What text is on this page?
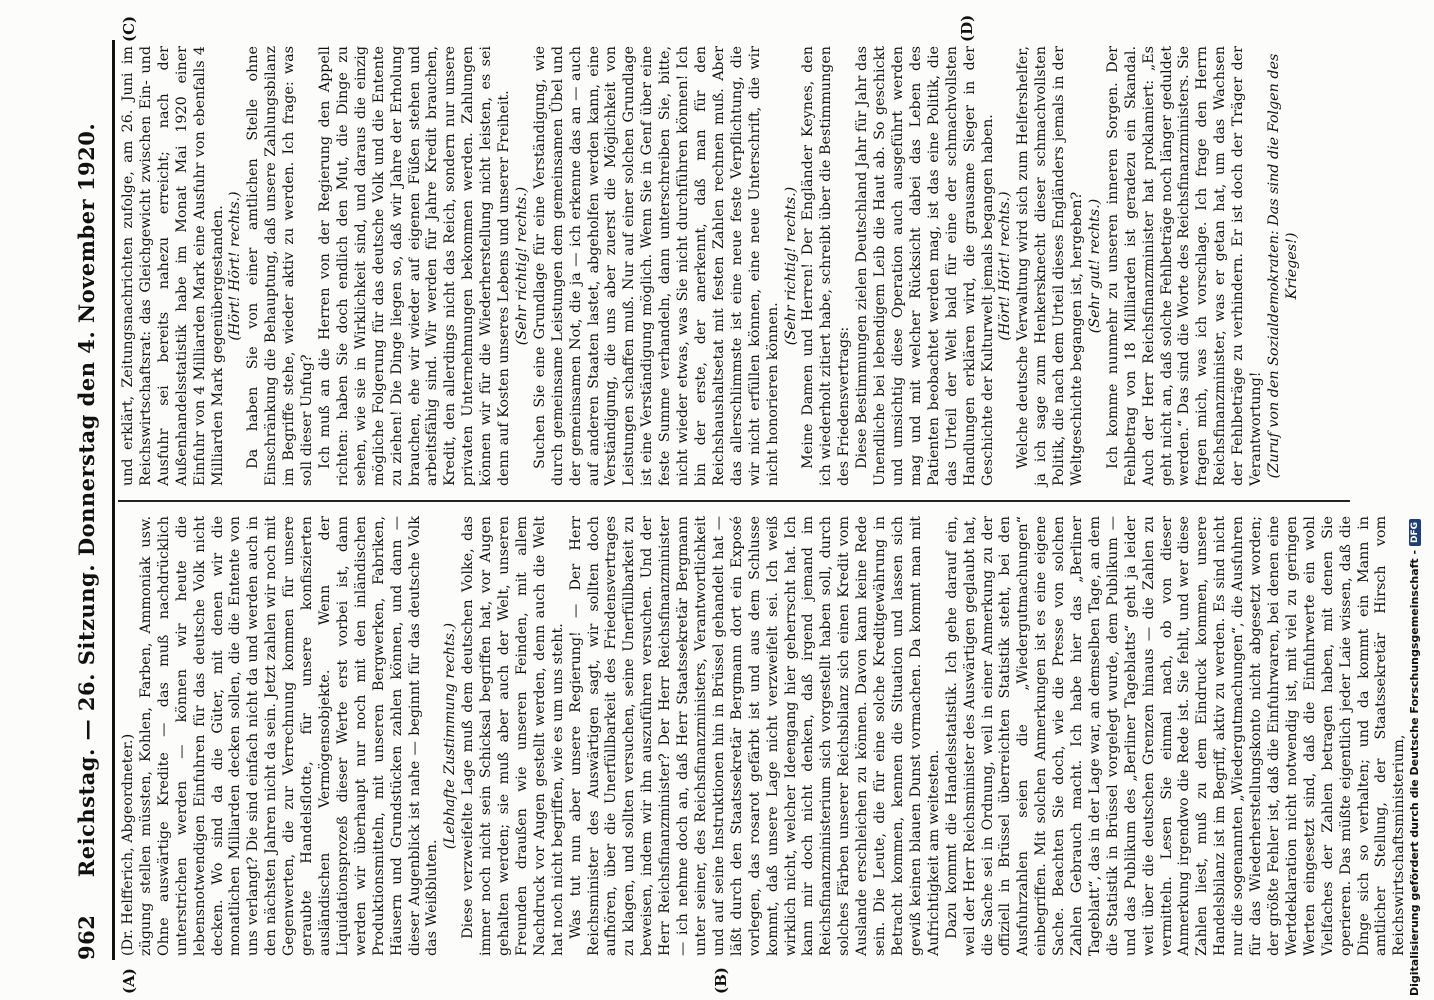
962
Reichstag. — 26. Sitzung. Donnerstag den 4. November 1920.
(A)	(B)
(C)	(D)

(Dr. Helfferich, Abgeordneter.) zügung stellen müssten, Kohlen, Farben, Ammoniak usw. Ohne auswärtige Kredite — das muß nachdrücklich unterstrichen werden — können wir heute die lebensnotwendigen Einfuhren für das deutsche Volk nicht decken. Wo sind da die Güter, mit denen wir die monatlichen Milliarden decken sollen, die die Entente von uns verlangt? Die sind einfach nicht da und werden auch in den nächsten Jahren nicht da sein. Jetzt zahlen wir noch mit Gegenwerten, die zur Verrechnung kommen für unsere geraubte Handelsflotte, für unsere konfiszierten ausländischen Vermögensobjekte. Wenn der Liquidationsprozeß dieser Werte erst vorbei ist, dann werden wir überhaupt nur noch mit den inländischen Produktionsmitteln, mit unseren Bergwerken, Fabriken, Häusern und Grundstücken zahlen können, und dann — dieser Augenblick ist nahe — beginnt für das deutsche Volk das Weißbluten.

(Lebhafte Zustimmung rechts.) Diese verzweifelte Lage muß dem deutschen Volke, das immer noch nicht sein Schicksal begriffen hat, vor Augen gehalten werden; sie muß aber auch der Welt, unseren Freunden draußen wie unseren Feinden, mit allem Nachdruck vor Augen gestellt werden, denn auch die Welt hat noch nicht begriffen, wie es um uns steht. Was tut nun aber unsere Regierung! — Der Herr Reichsminister des Auswärtigen sagt, wir sollten doch aufhören, über die Unerfüllbarkeit des Friedensvertrages zu klagen, und sollten versuchen, seine Unerfüllbarkeit zu beweisen, indem wir ihn auszuführen versuchen. Und der Herr Reichsfinanzminister? Der Herr Reichsfinanzminister — ich nehme doch an, daß Herr Staatssekretär Bergmann unter seiner, des Reichsfinanzministers, Verantwortlichkeit und auf seine Instruktionen hin in Brüssel gehandelt hat — läßt durch den Staatssekretär Bergmann dort ein Exposé vorlegen, das rosarot gefärbt ist und aus dem Schlusse kommt, daß unsere Lage nicht verzweifelt sei. Ich weiß wirklich nicht, welcher Ideengang hier geherrscht hat. Ich kann mir doch nicht denken, daß irgend jemand im Reichsfinanzministerium sich vorgestellt haben soll, durch solches Färben unserer Reichsbilanz sich einen Kredit vom Auslande erschleichen zu können. Davon kann keine Rede sein. Die Leute, die für eine solche Kreditgewährung in Betracht kommen, kennen die Situation und lassen sich gewiß keinen blauen Dunst vormachen. Da kommt man mit Aufrichtigkeit am weitesten. Dazu kommt die Handelsstatistik. Ich gehe darauf ein, weil der Herr Reichsminister des Auswärtigen geglaubt hat, die Sache sei in Ordnung, weil in einer Anmerkung zu der offiziell in Brüssel überreichten Statistik steht, bei den Ausfuhrzahlen seien die „Wiedergutmachungen“ einbegriffen. Mit solchen Anmerkungen ist es eine eigene Sache. Beachten Sie doch, wie die Presse von solchen Zahlen Gebrauch macht. Ich habe hier das „Berliner Tageblatt“, das in der Lage war, an demselben Tage, an dem die Statistik in Brüssel vorgelegt wurde, dem Publikum — und das Publikum des „Berliner Tageblatts“ geht ja leider weit über die deutschen Grenzen hinaus — die Zahlen zu vermitteln. Lesen Sie einmal nach, ob von dieser Anmerkung irgendwo die Rede ist. Sie fehlt, und wer diese Zahlen liest, muß zu dem Eindruck kommen, unsere Handelsbilanz ist im Begriff, aktiv zu werden. Es sind nicht nur die sogenannten „Wiedergutmachungen“, die Ausfuhren für das Wiederherstellungskonto nicht abgesetzt worden; der größte Fehler ist, daß die Einfuhrwaren, bei denen eine Wertdeklaration nicht notwendig ist, mit viel zu geringen Werten eingesetzt sind, daß die Einfuhrwerte ein wohl Vielfaches der Zahlen betragen haben, mit denen Sie operieren. Das müßte eigentlich jeder Laie wissen, daß die Dinge sich so verhalten; und da kommt ein Mann in amtlicher Stellung, der Staatssekretär Hirsch vom Reichswirtschaftsministerium,

und erklärt, Zeitungsnachrichten zufolge, am 26. Juni im Reichswirtschaftsrat: das Gleichgewicht zwischen Ein- und Ausfuhr sei bereits nahezu erreicht; nach der Außenhandelsstatistik habe im Monat Mai 1920 einer Einfuhr von 4 Milliarden Mark eine Ausfuhr von ebenfalls 4 Milliarden Mark gegenübergestanden. (Hört! Hört! rechts.) Da haben Sie von einer amtlichen Stelle ohne Einschränkung die Behauptung, daß unsere Zahlungsbilanz im Begriffe stehe, wieder aktiv zu werden. Ich frage: was soll dieser Unfug? Ich muß an die Herren von der Regierung den Appell richten: haben Sie doch endlich den Mut, die Dinge zu sehen, wie sie in Wirklichkeit sind, und daraus die einzig mögliche Folgerung für das deutsche Volk und die Entente zu ziehen! Die Dinge liegen so, daß wir Jahre der Erholung brauchen, ehe wir wieder auf eigenen Füßen stehen und arbeitsfähig sind. Wir werden für Jahre Kredit brauchen, Kredit, den allerdings nicht das Reich, sondern nur unsere privaten Unternehmungen bekommen werden. Zahlungen können wir für die Wiederherstellung nicht leisten, es sei denn auf Kosten unseres Lebens und unserer Freiheit. (Sehr richtig! rechts.) Suchen Sie eine Grundlage für eine Verständigung, wie durch gemeinsame Leistungen dem gemeinsamen Übel und der gemeinsamen Not, die ja — ich erkenne das an — auch auf anderen Staaten lastet, abgeholfen werden kann, eine Verständigung, die uns aber zuerst die Möglichkeit von Leistungen schaffen muß. Nur auf einer solchen Grundlage ist eine Verständigung möglich. Wenn Sie in Genf über eine feste Summe verhandeln, dann unterschreiben Sie, bitte, nicht wieder etwas, was Sie nicht durchführen können! Ich bin der erste, der anerkennt, daß man für den Reichshaushaltsetat mit festen Zahlen rechnen muß. Aber das allerschlimmste ist eine neue feste Verpflichtung, die wir nicht erfüllen können, eine neue Unterschrift, die wir nicht honorieren können.

(Sehr richtig! rechts.) Meine Damen und Herren! Der Engländer Keynes, den ich wiederholt zitiert habe, schreibt über die Bestimmungen des Friedensvertrags: Diese Bestimmungen zielen Deutschland Jahr für Jahr das Unendliche bei lebendigem Leib die Haut ab. So geschickt und umsichtig diese Operation auch ausgeführt werden mag und mit welcher Rücksicht dabei das Leben des Patienten beobachtet werden mag, ist das eine Politik, die das Urteil der Welt bald für eine der schmachvollsten Handlungen erklären wird, die grausame Sieger in der Geschichte der Kulturwelt jemals begangen haben. (Hört! Hört! rechts.) Welche deutsche Verwaltung wird sich zum Helfershelfer, ja ich sage zum Henkersknecht dieser schmachvollsten Politik, die nach dem Urteil dieses Engländers jemals in der Weltgeschichte begangen ist, hergeben? (Sehr gut! rechts.) Ich komme nunmehr zu unseren inneren Sorgen. Der Fehlbetrag von 18 Milliarden ist geradezu ein Skandal. Auch der Herr Reichsfinanzminister hat proklamiert: „Es geht nicht an, daß solche Fehlbeträge noch länger geduldet werden.“ Das sind die Worte des Reichsfinanzministers. Sie fragen mich, was ich vorschlage. Ich frage den Herrn Reichsfinanzminister, was er getan hat, um das Wachsen der Fehlbeträge zu verhindern. Er ist doch der Träger der Verantwortung! (Zuruf von den Sozialdemokraten: Das sind die Folgen des Krieges!)

Digitalisierung gefördert durch die Deutsche Forschungsgemeinschaft -DFG
